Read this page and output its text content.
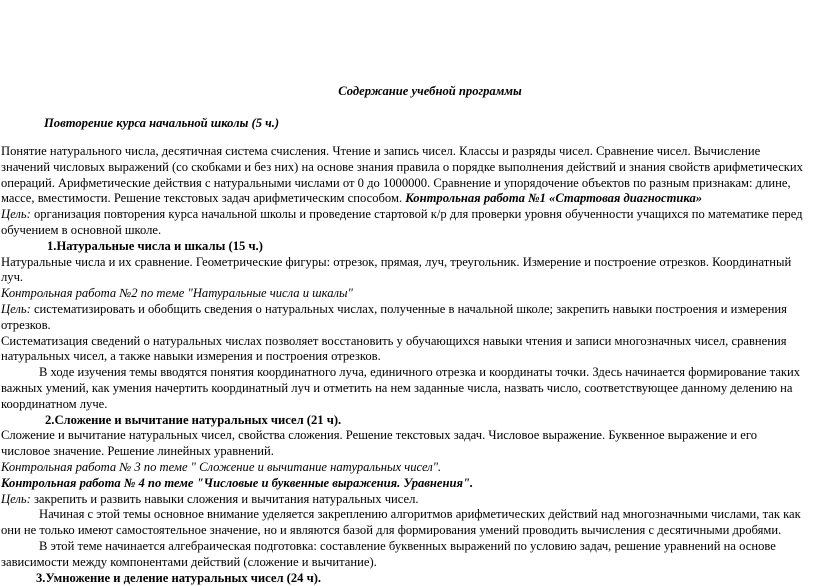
Содержание учебной программы
Повторение курса начальной школы (5 ч.)

Понятие натурального числа, десятичная система счисления. Чтение и запись чисел. Классы и разряды чисел. Сравнение чисел. Вычисление значений числовых выражений (со скобками и без них) на основе знания правила о порядке выполнения действий и знания свойств арифметических операций. Арифметические действия с натуральными числами от 0 до 1000000. Сравнение и упорядочение объектов по разным признакам: длине, массе, вместимости. Решение текстовых задач арифметическим способом. Контрольная работа №1 «Стартовая диагностика»

Цель: организация повторения курса начальной школы и проведение стартовой к/р для проверки уровня обученности учащихся по математике перед обучением в основной школе.

1.Натуральные числа и шкалы (15 ч.)

Натуральные числа и их сравнение. Геометрические фигуры: отрезок, прямая, луч, треугольник. Измерение и построение отрезков. Координатный луч.

Контрольная работа №2 по теме "Натуральные числа и шкалы"

Цель: систематизировать и обобщить сведения о натуральных числах, полученные в начальной школе; закрепить навыки построения и измерения отрезков.

Систематизация сведений о натуральных числах позволяет восстановить у обучающихся навыки чтения и записи многозначных чисел, сравнения натуральных чисел, а также навыки измерения и построения отрезков.

В ходе изучения темы вводятся понятия координатного луча, единичного отрезка и координаты точки. Здесь начинается формирование таких важных умений, как умения начертить координатный луч и отметить на нем заданные числа, назвать число, соответствующее данному делению на координатном луче.

2.Сложение и вычитание натуральных чисел (21 ч).

Сложение и вычитание натуральных чисел, свойства сложения. Решение текстовых задач. Числовое выражение. Буквенное выражение и его числовое значение. Решение линейных уравнений.

Контрольная работа № 3 по теме " Сложение и вычитание натуральных чисел".

Контрольная работа № 4 по теме "Числовые и буквенные выражения. Уравнения".

Цель: закрепить и развить навыки сложения и вычитания натуральных чисел.

Начиная с этой темы основное внимание уделяется закреплению алгоритмов арифметических действий над многозначными числами, так как они не только имеют самостоятельное значение, но и являются базой для формирования умений проводить вычисления с десятичными дробями.

В этой теме начинается алгебраическая подготовка: составление буквенных выражений по условию задач, решение уравнений на основе зависимости между компонентами действий (сложение и вычитание).

3.Умножение и деление натуральных чисел (24 ч).
